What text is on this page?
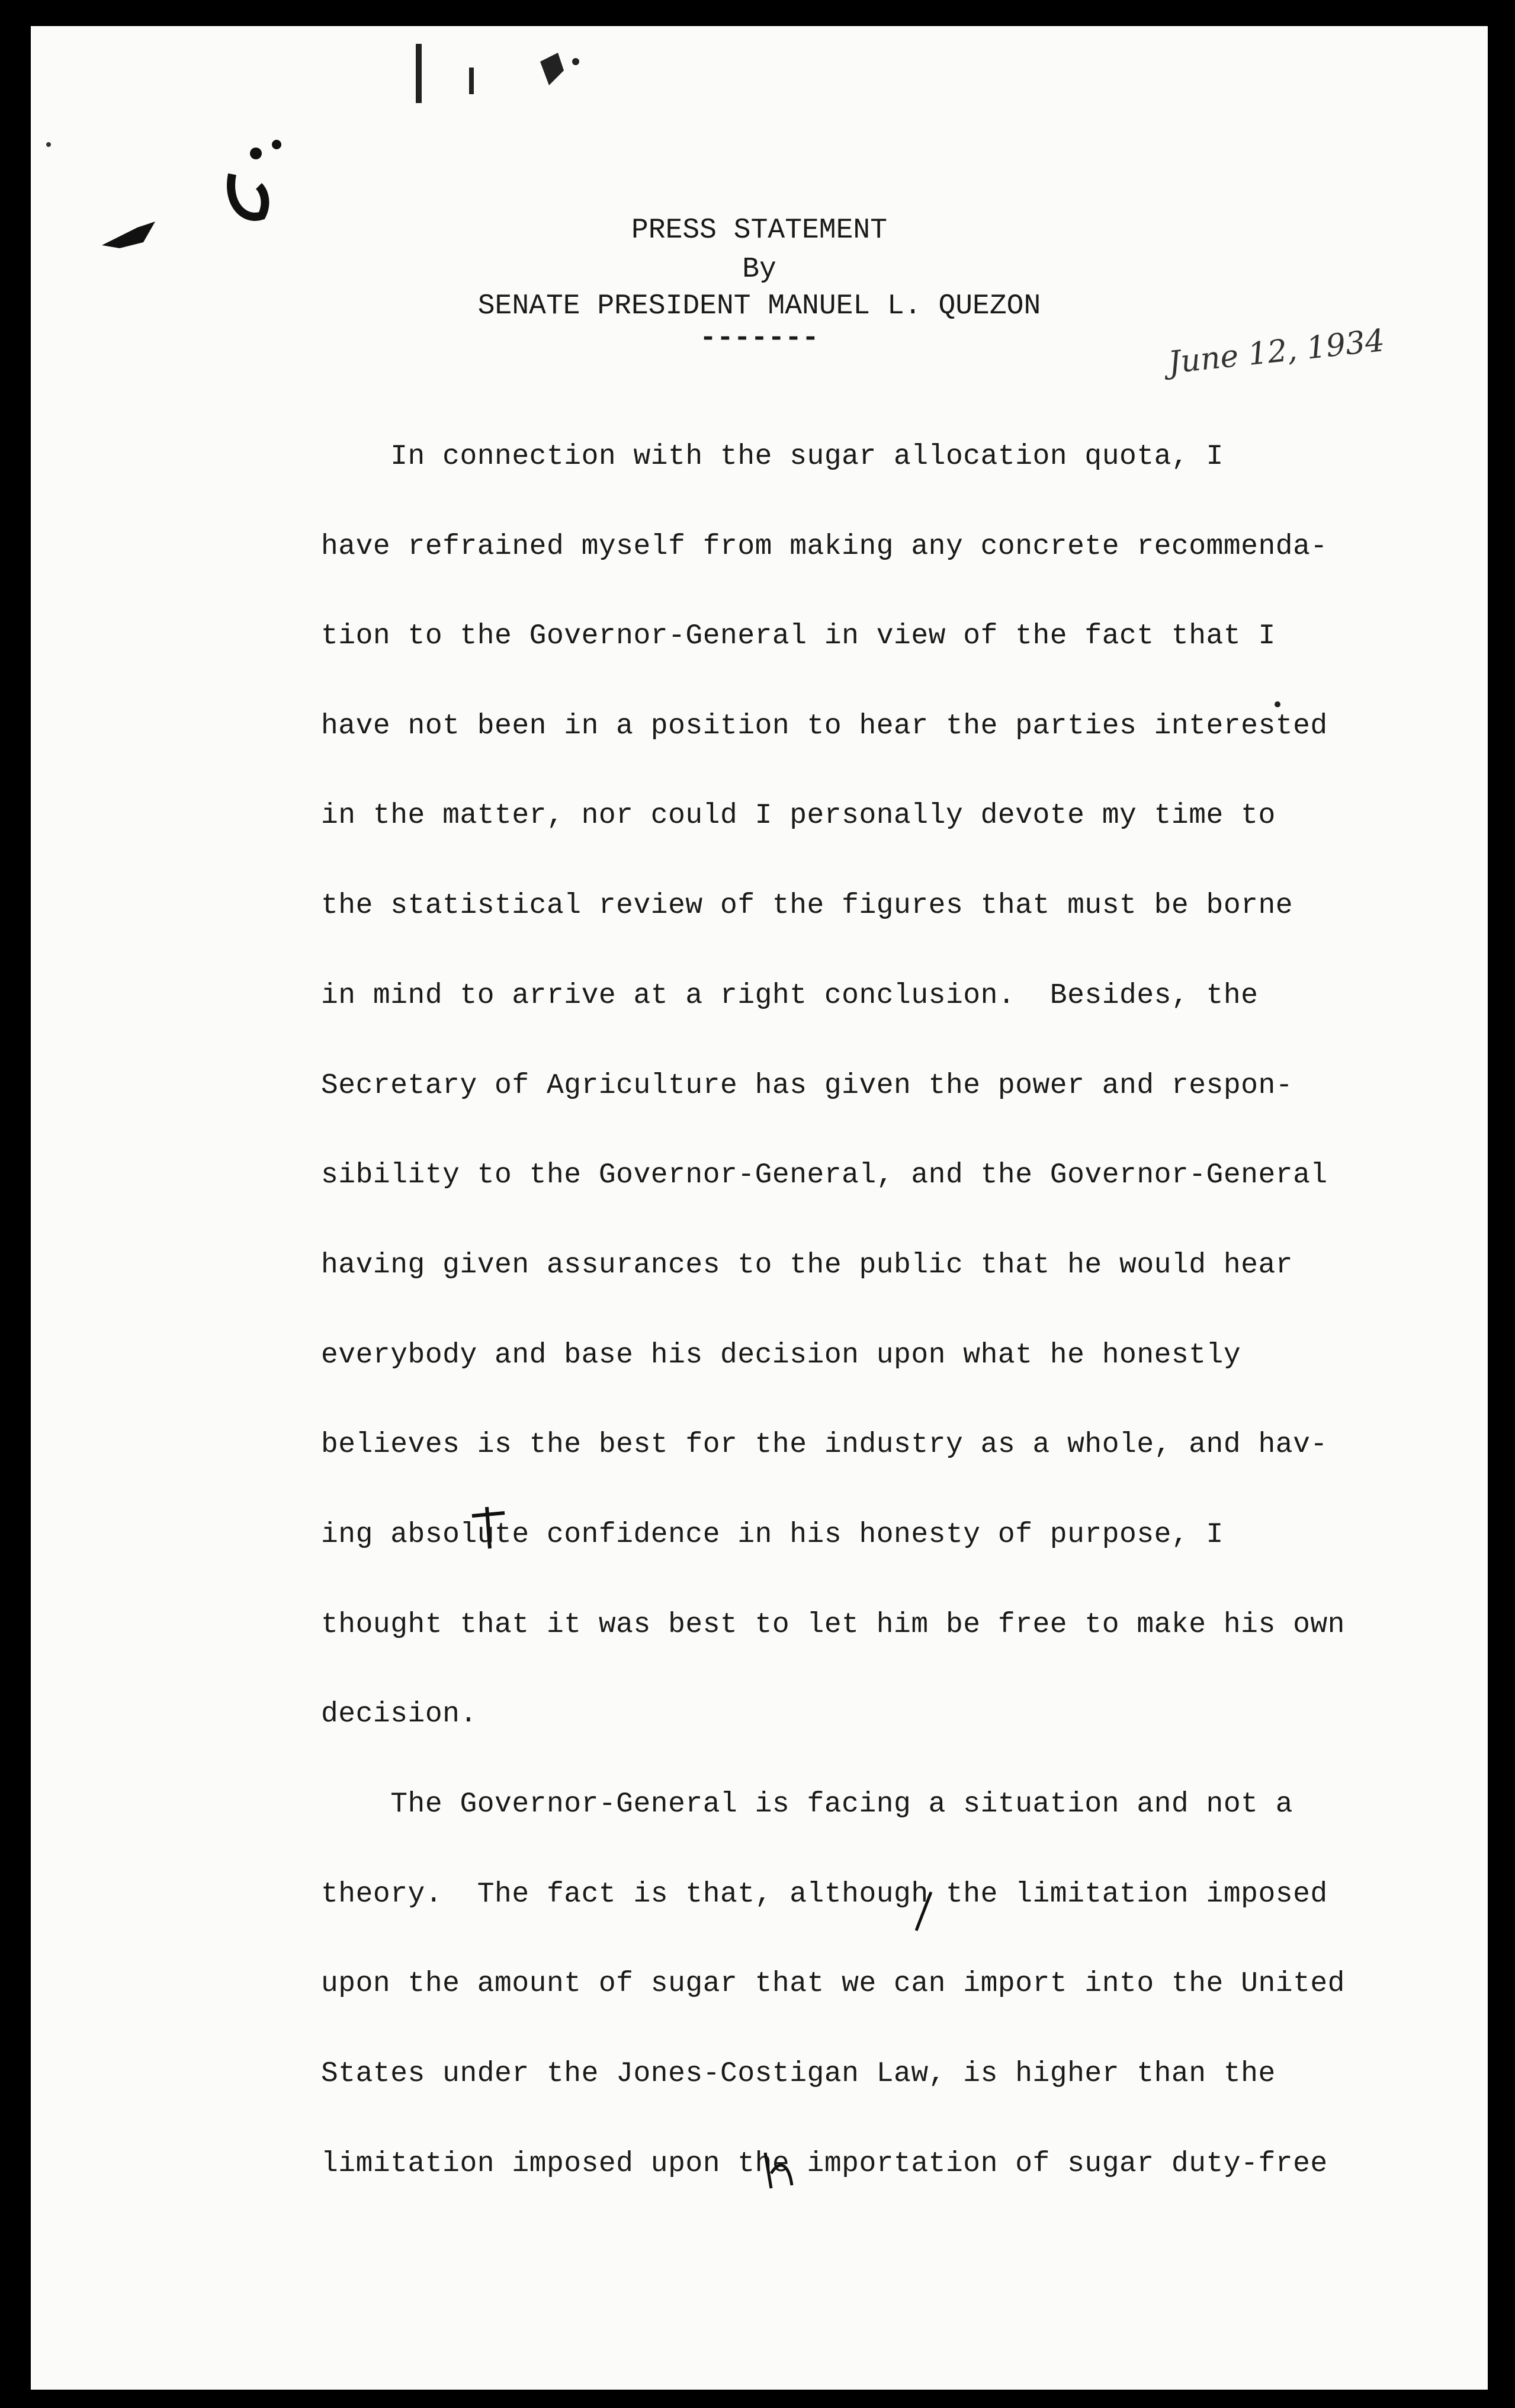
PRESS STATEMENT
By
SENATE PRESIDENT MANUEL L. QUEZON
-------	June 12, 1934
In connection with the sugar allocation quota, I
have refrained myself from making any concrete recommenda-
tion to the Governor-General in view of the fact that I
have not been in a position to hear the parties interested
in the matter, nor could I personally devote my time to
the statistical review of the figures that must be borne
in mind to arrive at a right conclusion.  Besides, the
Secretary of Agriculture has given the power and respon-
sibility to the Governor-General, and the Governor-General
having given assurances to the public that he would hear
everybody and base his decision upon what he honestly
believes is the best for the industry as a whole, and hav-
ing absolute confidence in his honesty of purpose, I
thought that it was best to let him be free to make his own
decision.
The Governor-General is facing a situation and not a
theory.  The fact is that, although the limitation imposed
upon the amount of sugar that we can import into the United
States under the Jones-Costigan Law, is higher than the
limitation imposed upon the importation of sugar duty-free
